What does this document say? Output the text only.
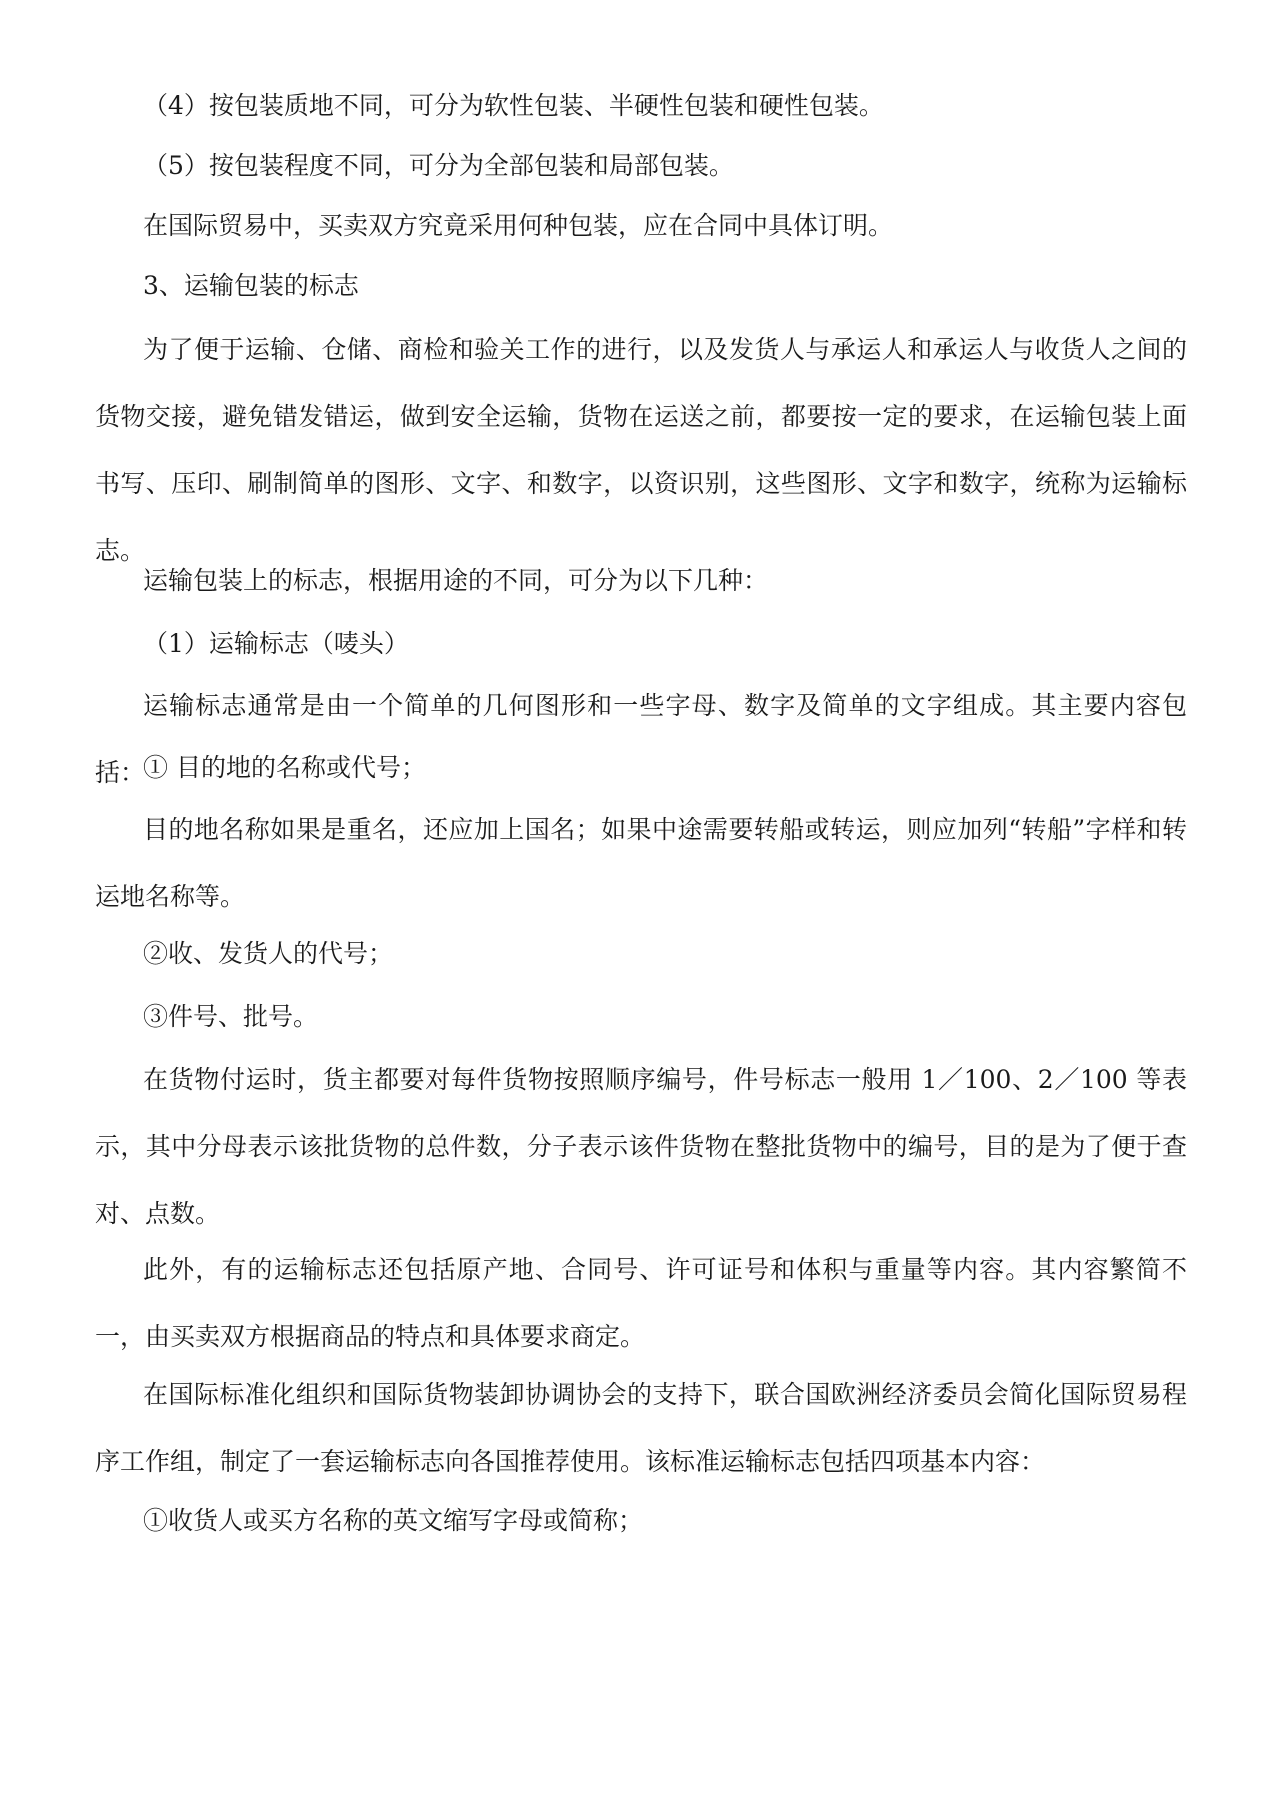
（4）按包装质地不同，可分为软性包装、半硬性包装和硬性包装。

（5）按包装程度不同，可分为全部包装和局部包装。

在国际贸易中，买卖双方究竟采用何种包装，应在合同中具体订明。

3、运输包装的标志

为了便于运输、仓储、商检和验关工作的进行，以及发货人与承运人和承运人与收货人之间的货物交接，避免错发错运，做到安全运输，货物在运送之前，都要按一定的要求，在运输包装上面书写、压印、刷制简单的图形、文字、和数字，以资识别，这些图形、文字和数字，统称为运输标志。

运输包装上的标志，根据用途的不同，可分为以下几种：

（1）运输标志（唛头）

运输标志通常是由一个简单的几何图形和一些字母、数字及简单的文字组成。其主要内容包括：

① 目的地的名称或代号；

目的地名称如果是重名，还应加上国名；如果中途需要转船或转运，则应加列“转船”字样和转运地名称等。

②收、发货人的代号；

③件号、批号。

在货物付运时，货主都要对每件货物按照顺序编号，件号标志一般用 1／100、2／100 等表示，其中分母表示该批货物的总件数，分子表示该件货物在整批货物中的编号，目的是为了便于查对、点数。

此外，有的运输标志还包括原产地、合同号、许可证号和体积与重量等内容。其内容繁简不一，由买卖双方根据商品的特点和具体要求商定。

在国际标准化组织和国际货物装卸协调协会的支持下，联合国欧洲经济委员会简化国际贸易程序工作组，制定了一套运输标志向各国推荐使用。该标准运输标志包括四项基本内容：

①收货人或买方名称的英文缩写字母或简称；
